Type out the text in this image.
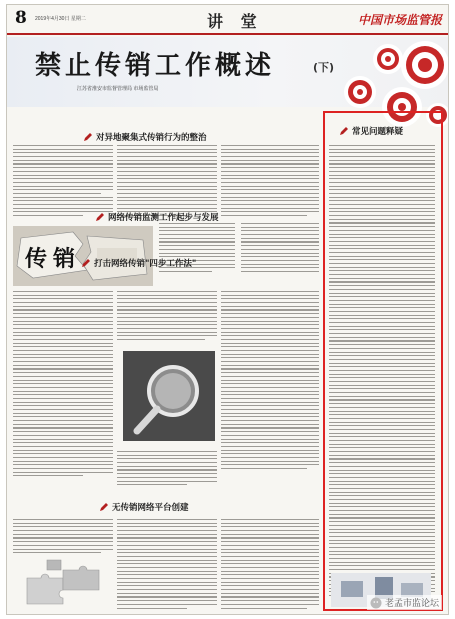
8 2019年4月30日 星期二	讲 堂	中国市场监管报
禁止传销工作概述	(下)
江苏省淮安市监督管理局 市场监管局
对异地聚集式传销行为的整治
网络传销监测工作起步与发展
传销 打击网络传销"四步工作法"
无传销网络平台创建
常见问题释疑
老孟市监论坛
